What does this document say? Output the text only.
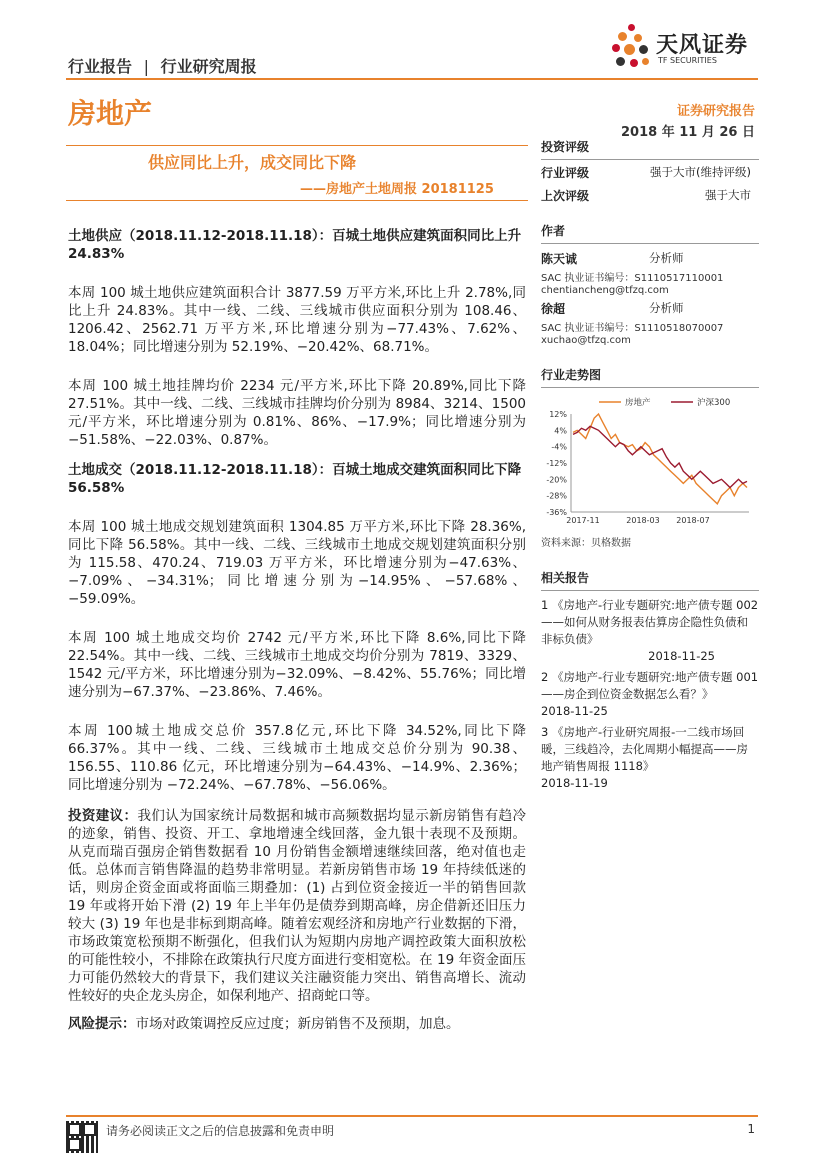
行业报告 | 行业研究周报
天风证券
TF SECURITIES
房地产	证券研究报告
2018 年 11 月 26 日
供应同比上升，成交同比下降
——房地产土地周报 20181125
土地供应（2018.11.12-2018.11.18）：百城土地供应建筑面积同比上升 24.83%

本周 100 城土地供应建筑面积合计 3877.59 万平方米,环比上升 2.78%,同比上升 24.83%。其中一线、二线、三线城市供应面积分别为 108.46、1206.42、2562.71 万平方米,环比增速分别为−77.43%、7.62%、18.04%；同比增速分别为 52.19%、−20.42%、68.71%。

本周 100 城土地挂牌均价 2234 元/平方米,环比下降 20.89%,同比下降 27.51%。其中一线、二线、三线城市挂牌均价分别为 8984、3214、1500 元/平方米，环比增速分别为 0.81%、86%、−17.9%；同比增速分别为 −51.58%、−22.03%、0.87%。

土地成交（2018.11.12-2018.11.18）：百城土地成交建筑面积同比下降 56.58%

本周 100 城土地成交规划建筑面积 1304.85 万平方米,环比下降 28.36%,同比下降 56.58%。其中一线、二线、三线城市土地成交规划建筑面积分别为 115.58、470.24、719.03 万平方米，环比增速分别为−47.63%、−7.09%、−34.31%；同比增速分别为−14.95%、−57.68%、−59.09%。

本周 100 城土地成交均价 2742 元/平方米,环比下降 8.6%,同比下降 22.54%。其中一线、二线、三线城市土地成交均价分别为 7819、3329、1542 元/平方米，环比增速分别为−32.09%、−8.42%、55.76%；同比增速分别为−67.37%、−23.86%、7.46%。

本周 100城土地成交总价 357.8亿元,环比下降 34.52%,同比下降 66.37%。其中一线、二线、三线城市土地成交总价分别为 90.38、156.55、110.86 亿元，环比增速分别为−64.43%、−14.9%、2.36%；同比增速分别为 −72.24%、−67.78%、−56.06%。

投资建议：我们认为国家统计局数据和城市高频数据均显示新房销售有趋冷的迹象，销售、投资、开工、拿地增速全线回落，金九银十表现不及预期。从克而瑞百强房企销售数据看 10 月份销售金额增速继续回落，绝对值也走低。总体而言销售降温的趋势非常明显。若新房销售市场 19 年持续低迷的话，则房企资金面或将面临三期叠加：(1) 占到位资金接近一半的销售回款 19 年或将开始下滑 (2) 19 年上半年仍是债券到期高峰，房企借新还旧压力较大 (3) 19 年也是非标到期高峰。随着宏观经济和房地产行业数据的下滑，市场政策宽松预期不断强化，但我们认为短期内房地产调控政策大面积放松的可能性较小，不排除在政策执行尺度方面进行变相宽松。在 19 年资金面压力可能仍然较大的背景下，我们建议关注融资能力突出、销售高增长、流动性较好的央企龙头房企，如保利地产、招商蛇口等。

风险提示：市场对政策调控反应过度；新房销售不及预期，加息。

投资评级
行业评级	强于大市(维持评级)
上次评级	强于大市
作者
陈天诚	分析师
SAC 执业证书编号：S1110517110001
chentiancheng@tfzq.com
徐超	分析师
SAC 执业证书编号：S1110518070007
xuchao@tfzq.com
行业走势图
12%
4%
-4%
-12%
-20%
-28%
-36%
2017-11	2018-03 2018-07
房地产	沪深300
资料来源：贝格数据
相关报告
1 《房地产-行业专题研究:地产债专题 002——如何从财务报表估算房企隐性负债和非标负债》
2018-11-25
2 《房地产-行业专题研究:地产债专题 001——房企到位资金数据怎么看？》
2018-11-25
3 《房地产-行业研究周报-一二线市场回暖，三线趋冷，去化周期小幅提高——房地产销售周报 1118》
2018-11-19
请务必阅读正文之后的信息披露和免责申明	1
